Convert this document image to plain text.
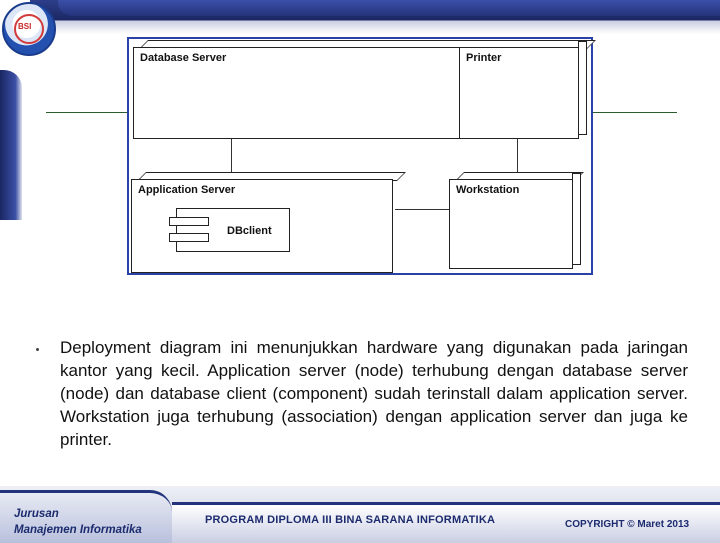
BSI
Database Server	Printer
Application Server
DBclient
Workstation

Deployment diagram ini menunjukkan hardware yang digunakan pada jaringan kantor yang kecil. Application server (node) terhubung dengan database server (node) dan database client (component) sudah terinstall dalam application server. Workstation juga terhubung (association) dengan application server dan juga ke printer.

Jurusan
Manajemen Informatika
PROGRAM DIPLOMA III BINA SARANA INFORMATIKA	COPYRIGHT © Maret 2013
